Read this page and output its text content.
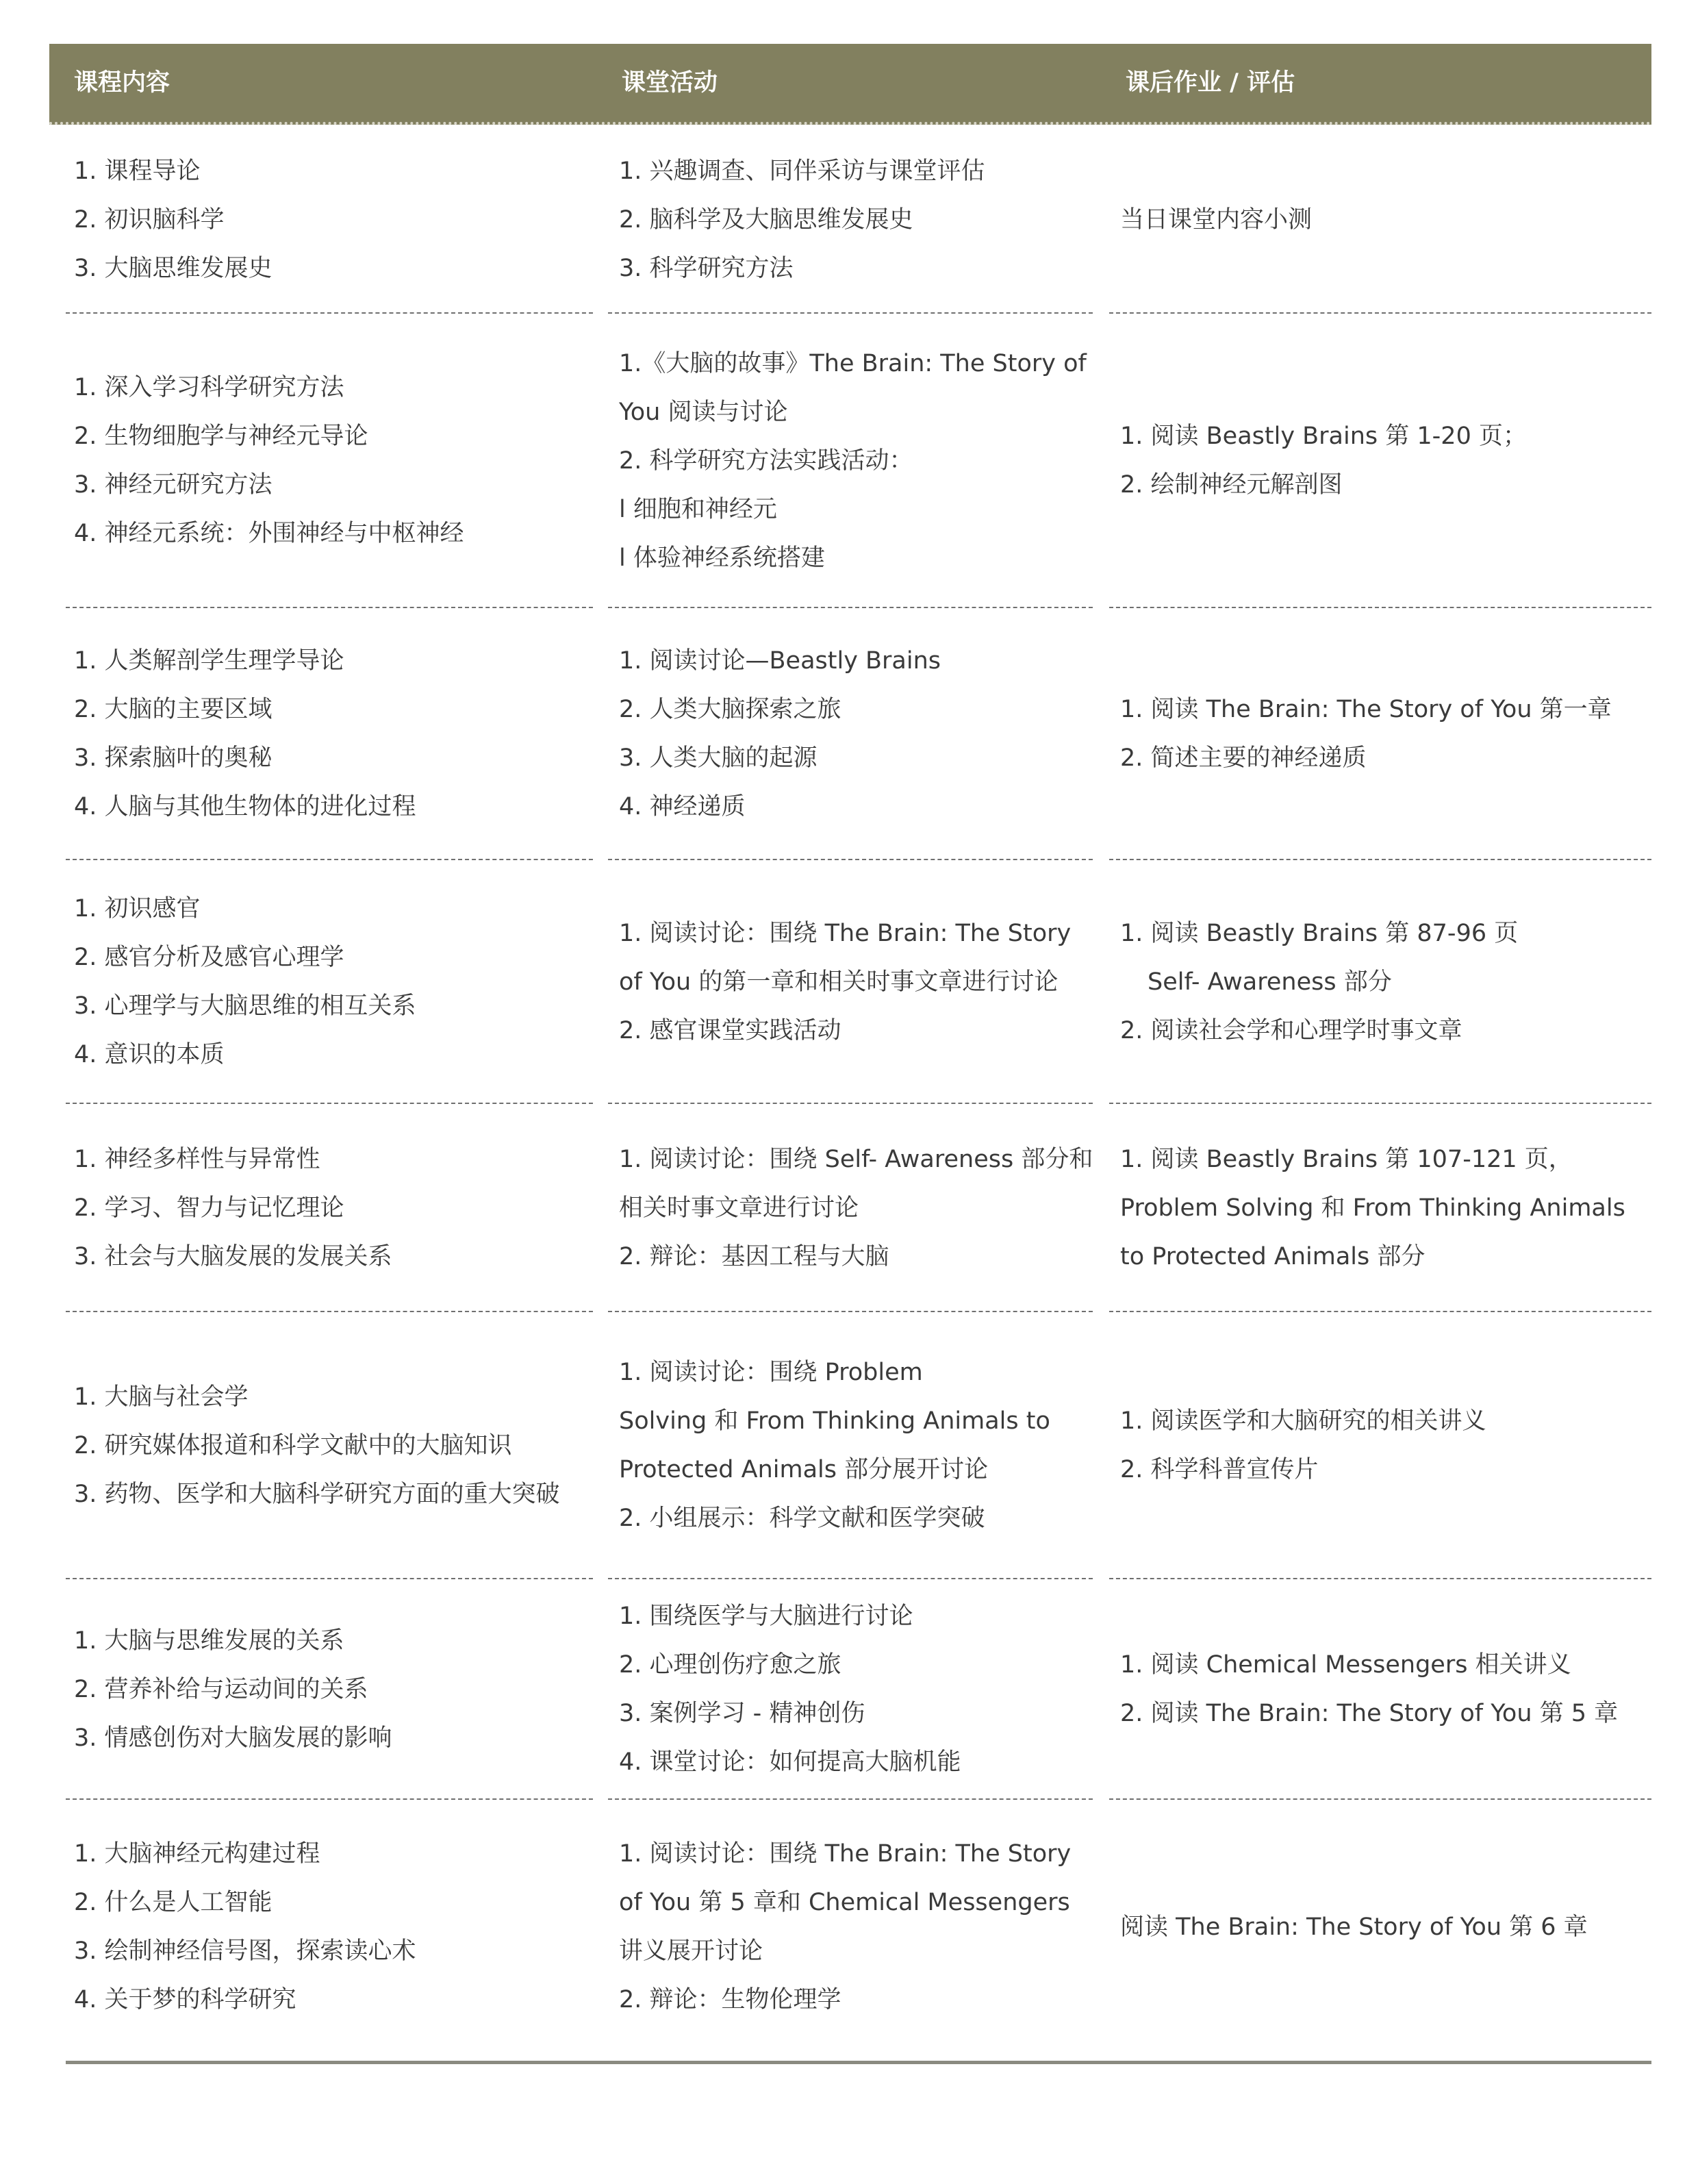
课程内容	课堂活动	课后作业 / 评估
1. 课程导论
2. 初识脑科学
3. 大脑思维发展史
1. 兴趣调查、同伴采访与课堂评估
2. 脑科学及大脑思维发展史
3. 科学研究方法
当日课堂内容小测
1. 深入学习科学研究方法
2. 生物细胞学与神经元导论
3. 神经元研究方法
4. 神经元系统：外围神经与中枢神经
1.《大脑的故事》The Brain: The Story of
You 阅读与讨论
2. 科学研究方法实践活动：
l 细胞和神经元
l 体验神经系统搭建
1. 阅读 Beastly Brains 第 1-20 页；
2. 绘制神经元解剖图
1. 人类解剖学生理学导论
2. 大脑的主要区域
3. 探索脑叶的奥秘
4. 人脑与其他生物体的进化过程
1. 阅读讨论—Beastly Brains
2. 人类大脑探索之旅
3. 人类大脑的起源
4. 神经递质
1. 阅读 The Brain: The Story of You 第一章
2. 简述主要的神经递质
1. 初识感官
2. 感官分析及感官心理学
3. 心理学与大脑思维的相互关系
4. 意识的本质
1. 阅读讨论：围绕 The Brain: The Story
of You 的第一章和相关时事文章进行讨论
2. 感官课堂实践活动
1. 阅读 Beastly Brains 第 87-96 页
Self- Awareness 部分
2. 阅读社会学和心理学时事文章
1. 神经多样性与异常性
2. 学习、智力与记忆理论
3. 社会与大脑发展的发展关系
1. 阅读讨论：围绕 Self- Awareness 部分和
相关时事文章进行讨论
2. 辩论：基因工程与大脑
1. 阅读 Beastly Brains 第 107-121 页，
Problem Solving 和 From Thinking Animals
to Protected Animals 部分
1. 大脑与社会学
2. 研究媒体报道和科学文献中的大脑知识
3. 药物、医学和大脑科学研究方面的重大突破
1. 阅读讨论：围绕 Problem
Solving 和 From Thinking Animals to
Protected Animals 部分展开讨论
2. 小组展示：科学文献和医学突破
1. 阅读医学和大脑研究的相关讲义
2. 科学科普宣传片
1. 大脑与思维发展的关系
2. 营养补给与运动间的关系
3. 情感创伤对大脑发展的影响
1. 围绕医学与大脑进行讨论
2. 心理创伤疗愈之旅
3. 案例学习 - 精神创伤
4. 课堂讨论：如何提高大脑机能
1. 阅读 Chemical Messengers 相关讲义
2. 阅读 The Brain: The Story of You 第 5 章
1. 大脑神经元构建过程
2. 什么是人工智能
3. 绘制神经信号图，探索读心术
4. 关于梦的科学研究
1. 阅读讨论：围绕 The Brain: The Story
of You 第 5 章和 Chemical Messengers
讲义展开讨论
2. 辩论：生物伦理学
阅读 The Brain: The Story of You 第 6 章
